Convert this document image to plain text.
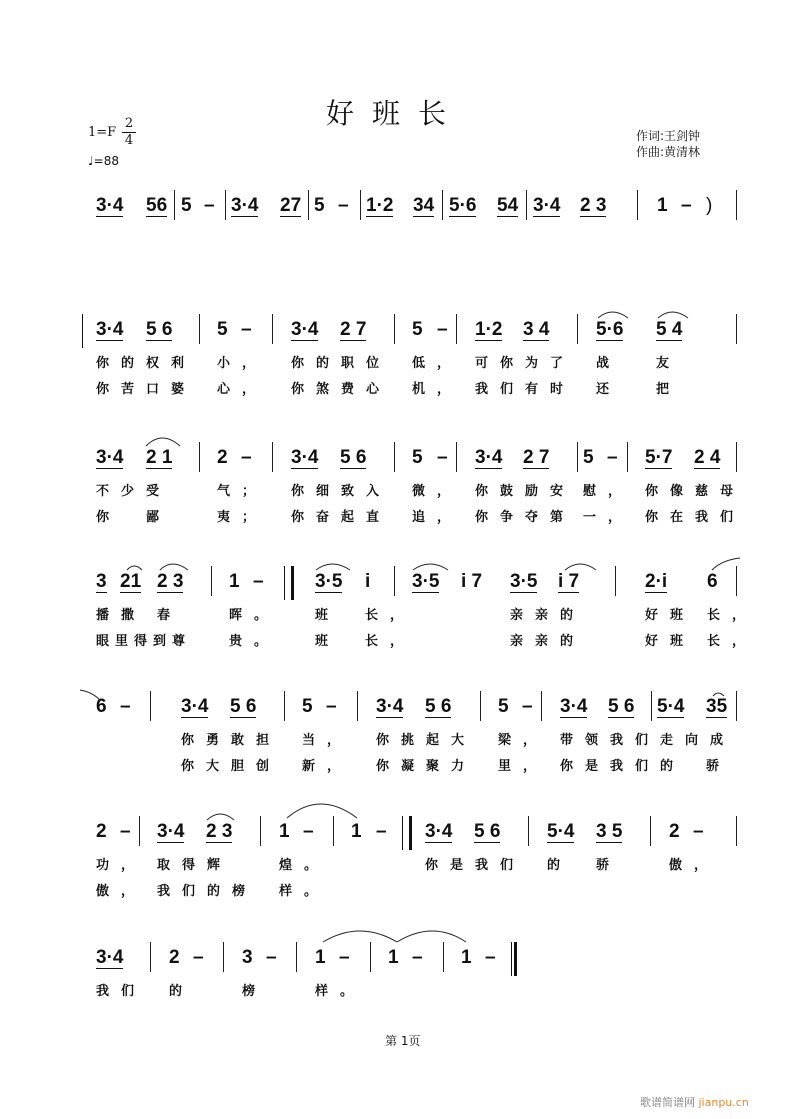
好班长
1=F
2
4
♩=88
作词:王剑钟
作曲:黄清林
3·4 56 5 – 3·4 27 5 – 1·2 34 5·6 54 3·4 2 3	1 – )
3·4 5 6 5 – 3·4 2 7 5 – 1·2 3 4 5·6 5 4
你的权利 小， 你的职位 低， 可你为了 战	友
你苦口婆 心， 你煞费心 机， 我们有时 还	把
3·4 2 1 2 – 3·4 5 6 5 – 3·4 2 7 5 – 5·7 2 4
不少受	气； 你细致入 微， 你鼓励安 慰， 你像慈母
你 鄙	夷； 你奋起直 追， 你争夺第 一， 你在我们
3 21 2 3 1 –	3·5 i 3·5 i 7 3·5 i 7	2·i 6
播撒 春	晖。	班 长，	亲亲的	好班 长，
眼里得到尊	贵。	班 长，	亲亲的	好班 长，
6 –	3·4 5 6 5 – 3·4 5 6 5 – 3·4 5 6 5·4 35
你勇敢担 当， 你挑起大 梁， 带领我们走向成
你大胆创 新， 你凝聚力 里， 你是我们的 骄
2 – 3·4 2 3 1 – 1 – 3·4 5 6 5·4 3 5 2 –
功， 取得辉	煌。	你是我们 的 骄	傲，
傲， 我们的榜 样。
3·4 2 – 3 – 1 – 1 – 1 –
我们 的	榜	样。
第 1页
歌谱简谱网 jianpu.cn
